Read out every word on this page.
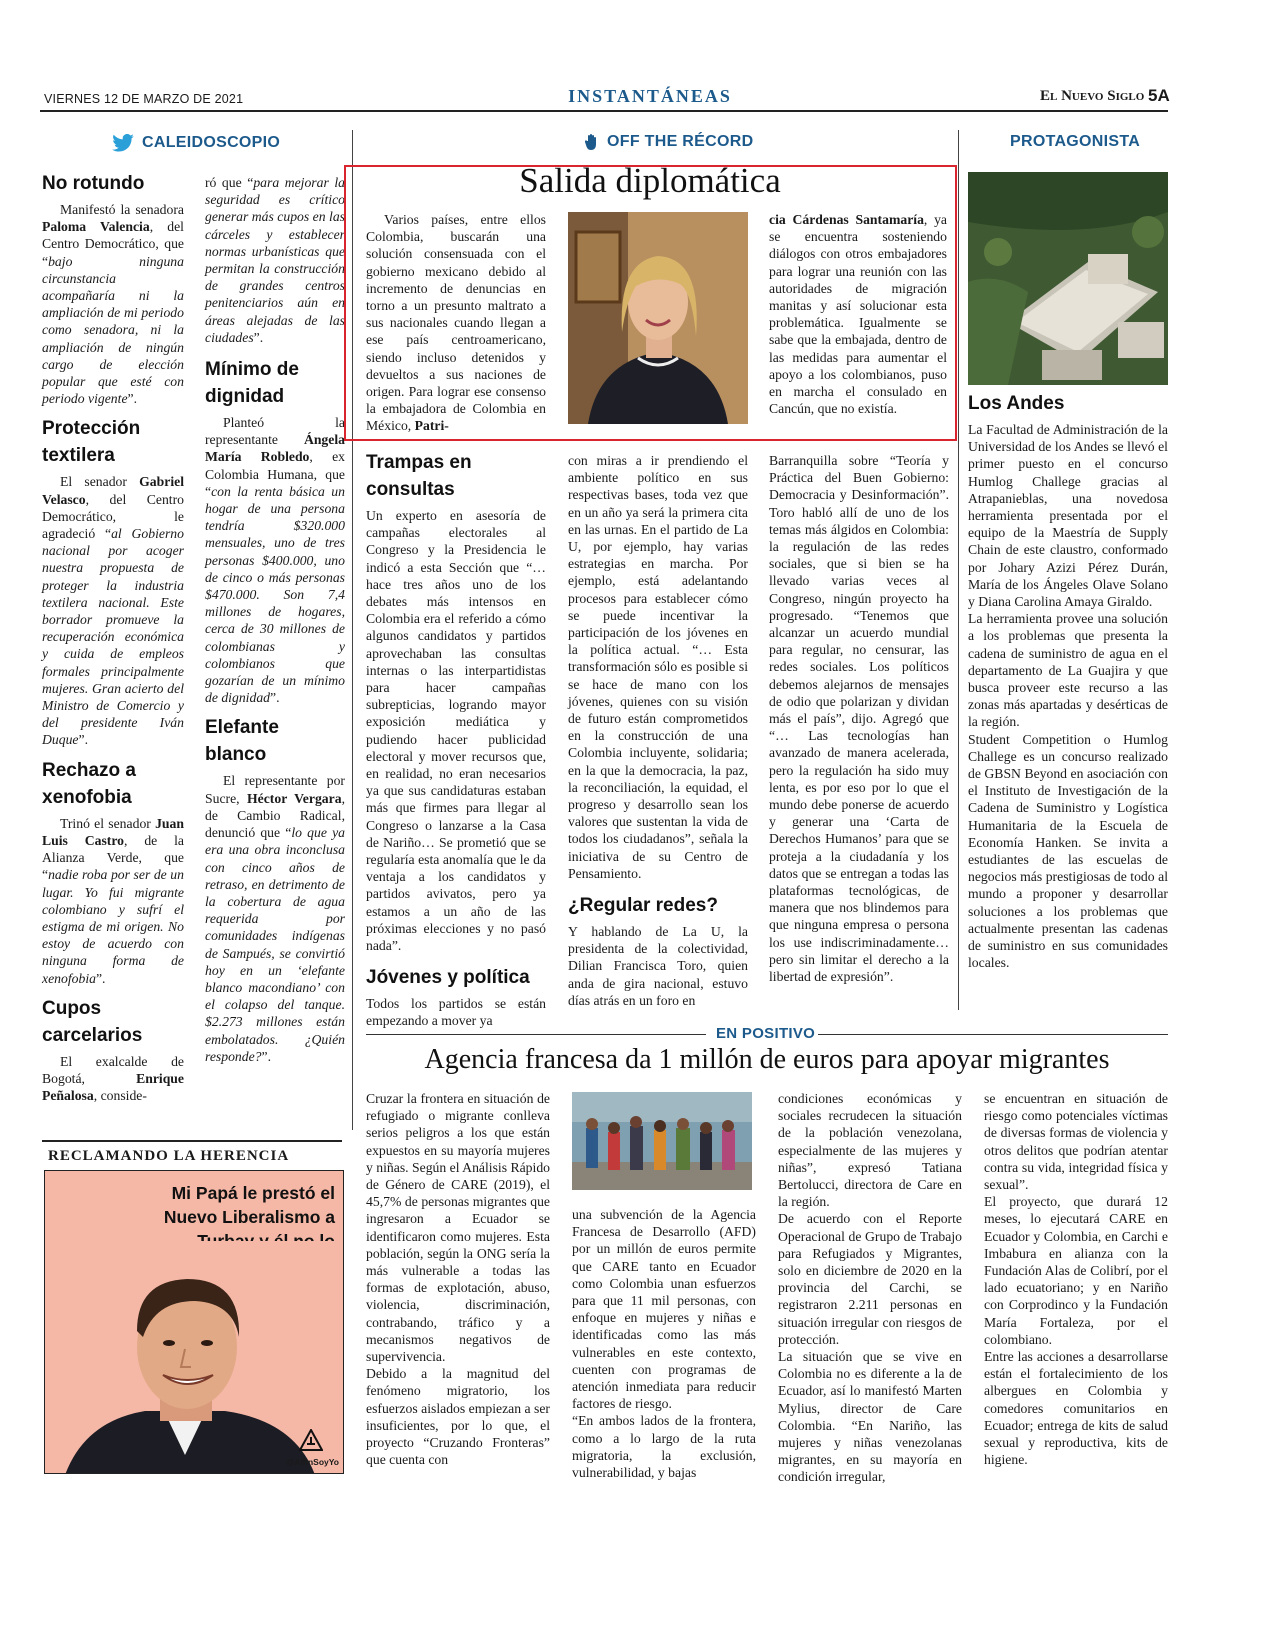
VIERNES 12 DE MARZO DE 2021	INSTANTÁNEAS	El Nuevo Siglo 5A
CALEIDOSCOPIO
No rotundo

Manifestó la senadora Paloma Valencia, del Centro Democrático, que “bajo ninguna circunstancia acompañaría ni la ampliación de mi periodo como senadora, ni la ampliación de ningún cargo de elección popular que esté con periodo vigente”.

Protección textilera

El senador Gabriel Velasco, del Centro Democrático, le agradeció “al Gobierno nacional por acoger nuestra propuesta de proteger la industria textilera nacional. Este borrador promueve la recuperación económica y cuida de empleos formales principalmente mujeres. Gran acierto del Ministro de Comercio y del presidente Iván Duque”.

Rechazo a xenofobia

Trinó el senador Juan Luis Castro, de la Alianza Verde, que “nadie roba por ser de un lugar. Yo fui migrante colombiano y sufrí el estigma de mi origen. No estoy de acuerdo con ninguna forma de xenofobia”.

Cupos carcelarios

El exalcalde de Bogotá, Enrique Peñalosa, conside-

ró que “para mejorar la seguridad es crítico generar más cupos en las cárceles y establecer normas urbanísticas que permitan la construcción de grandes centros penitenciarios aún en áreas alejadas de las ciudades”.

Mínimo de dignidad

Planteó la representante Ángela María Robledo, ex Colombia Humana, que “con la renta básica un hogar de una persona tendría $320.000 mensuales, uno de tres personas $400.000, uno de cinco o más personas $470.000. Son 7,4 millones de hogares, cerca de 30 millones de colombianas y colombianos que gozarían de un mínimo de dignidad”.

Elefante blanco

El representante por Sucre, Héctor Vergara, de Cambio Radical, denunció que “lo que ya era una obra inconclusa con cinco años de retraso, en detrimento de la cobertura de agua requerida por comunidades indígenas de Sampués, se convirtió hoy en un ‘elefante blanco macondiano’ con el colapso del tanque. $2.273 millones están embolatados. ¿Quién responde?”.

RECLAMANDO LA HERENCIA
Mi Papá le prestó el Nuevo Liberalismo a
@AlfinSoyYo
OFF THE RÉCORD
Salida diplomática

Varios países, entre ellos Colombia, buscarán una solución consensuada con el gobierno mexicano debido al incremento de denuncias en torno a un presunto maltrato a sus nacionales cuando llegan a ese país centroamericano, siendo incluso detenidos y devueltos a sus naciones de origen. Para lograr ese consenso la embajadora de Colombia en México, Patri-

cia Cárdenas Santamaría, ya se encuentra sosteniendo diálogos con otros embajadores para lograr una reunión con las autoridades de migración manitas y así solucionar esta problemática. Igualmente se sabe que la embajada, dentro de las medidas para aumentar el apoyo a los colombianos, puso en marcha el consulado en Cancún, que no existía.

Trampas en consultas

Un experto en asesoría de campañas electorales al Congreso y la Presidencia le indicó a esta Sección que “… hace tres años uno de los debates más intensos en Colombia era el referido a cómo algunos candidatos y partidos aprovechaban las consultas internas o las interpartidistas para hacer campañas subrepticias, logrando mayor exposición mediática y pudiendo hacer publicidad electoral y mover recursos que, en realidad, no eran necesarios ya que sus candidaturas estaban más que firmes para llegar al Congreso o lanzarse a la Casa de Nariño… Se prometió que se regularía esta anomalía que le da ventaja a los candidatos y partidos avivatos, pero ya estamos a un año de las próximas elecciones y no pasó nada”.

Jóvenes y política

Todos los partidos se están empezando a mover ya

con miras a ir prendiendo el ambiente político en sus respectivas bases, toda vez que en un año ya será la primera cita en las urnas. En el partido de La U, por ejemplo, hay varias estrategias en marcha. Por ejemplo, está adelantando procesos para establecer cómo se puede incentivar la participación de los jóvenes en la política actual. “… Esta transformación sólo es posible si se hace de mano con los jóvenes, quienes con su visión de futuro están comprometidos en la construcción de una Colombia incluyente, solidaria; en la que la democracia, la paz, la reconciliación, la equidad, el progreso y desarrollo sean los valores que sustentan la vida de todos los ciudadanos”, señala la iniciativa de su Centro de Pensamiento.

¿Regular redes?

Y hablando de La U, la presidenta de la colectividad, Dilian Francisca Toro, quien anda de gira nacional, estuvo días atrás en un foro en

Barranquilla sobre “Teoría y Práctica del Buen Gobierno: Democracia y Desinformación”. Toro habló allí de uno de los temas más álgidos en Colombia: la regulación de las redes sociales, que si bien se ha llevado varias veces al Congreso, ningún proyecto ha progresado. “Tenemos que alcanzar un acuerdo mundial para regular, no censurar, las redes sociales. Los políticos debemos alejarnos de mensajes de odio que polarizan y dividan más el país”, dijo. Agregó que “… Las tecnologías han avanzado de manera acelerada, pero la regulación ha sido muy lenta, es por eso por lo que el mundo debe ponerse de acuerdo y generar una ‘Carta de Derechos Humanos’ para que se proteja a la ciudadanía y los datos que se entregan a todas las plataformas tecnológicas, de manera que nos blindemos para que ninguna empresa o persona los use indiscriminadamente… pero sin limitar el derecho a la libertad de expresión”.

PROTAGONISTA
Los Andes

La Facultad de Administración de la Universidad de los Andes se llevó el primer puesto en el concurso Humlog Challege gracias al Atrapanieblas, una novedosa herramienta presentada por el equipo de la Maestría de Supply Chain de este claustro, conformado por Johary Azizi Pérez Durán, María de los Ángeles Olave Solano y Diana Carolina Amaya Giraldo.

La herramienta provee una solución a los problemas que presenta la cadena de suministro de agua en el departamento de La Guajira y que busca proveer este recurso a las zonas más apartadas y desérticas de la región.

Student Competition o Humlog Challege es un concurso realizado de GBSN Beyond en asociación con el Instituto de Investigación de la Cadena de Suministro y Logística Humanitaria de la Escuela de Economía Hanken. Se invita a estudiantes de las escuelas de negocios más prestigiosas de todo al mundo a proponer y desarrollar soluciones a los problemas que actualmente presentan las cadenas de suministro en sus comunidades locales.

EN POSITIVO
Agencia francesa da 1 millón de euros para apoyar migrantes

Cruzar la frontera en situación de refugiado o migrante conlleva serios peligros a los que están expuestos en su mayoría mujeres y niñas. Según el Análisis Rápido de Género de CARE (2019), el 45,7% de personas migrantes que ingresaron a Ecuador se identificaron como mujeres. Esta población, según la ONG sería la más vulnerable a todas las formas de explotación, abuso, violencia, discriminación, contrabando, tráfico y a mecanismos negativos de supervivencia.

Debido a la magnitud del fenómeno migratorio, los esfuerzos aislados empiezan a ser insuficientes, por lo que, el proyecto “Cruzando Fronteras” que cuenta con

una subvención de la Agencia Francesa de Desarrollo (AFD) por un millón de euros permite que CARE tanto en Ecuador como Colombia unan esfuerzos para que 11 mil personas, con enfoque en mujeres y niñas e identificadas como las más vulnerables en este contexto, cuenten con programas de atención inmediata para reducir factores de riesgo.

“En ambos lados de la frontera, como a lo largo de la ruta migratoria, la exclusión, vulnerabilidad, y bajas

condiciones económicas y sociales recrudecen la situación de la población venezolana, especialmente de las mujeres y niñas”, expresó Tatiana Bertolucci, directora de Care en la región.

De acuerdo con el Reporte Operacional de Grupo de Trabajo para Refugiados y Migrantes, solo en diciembre de 2020 en la provincia del Carchi, se registraron 2.211 personas en situación irregular con riesgos de protección.

La situación que se vive en Colombia no es diferente a la de Ecuador, así lo manifestó Marten Mylius, director de Care Colombia. “En Nariño, las mujeres y niñas venezolanas migrantes, en su mayoría en condición irregular,

se encuentran en situación de riesgo como potenciales víctimas de diversas formas de violencia y otros delitos que podrían atentar contra su vida, integridad física y sexual”.

El proyecto, que durará 12 meses, lo ejecutará CARE en Ecuador y Colombia, en Carchi e Imbabura en alianza con la Fundación Alas de Colibrí, por el lado ecuatoriano; y en Nariño con Corprodinco y la Fundación María Fortaleza, por el colombiano.

Entre las acciones a desarrollarse están el fortalecimiento de los albergues en Colombia y comedores comunitarios en Ecuador; entrega de kits de salud sexual y reproductiva, kits de higiene.
